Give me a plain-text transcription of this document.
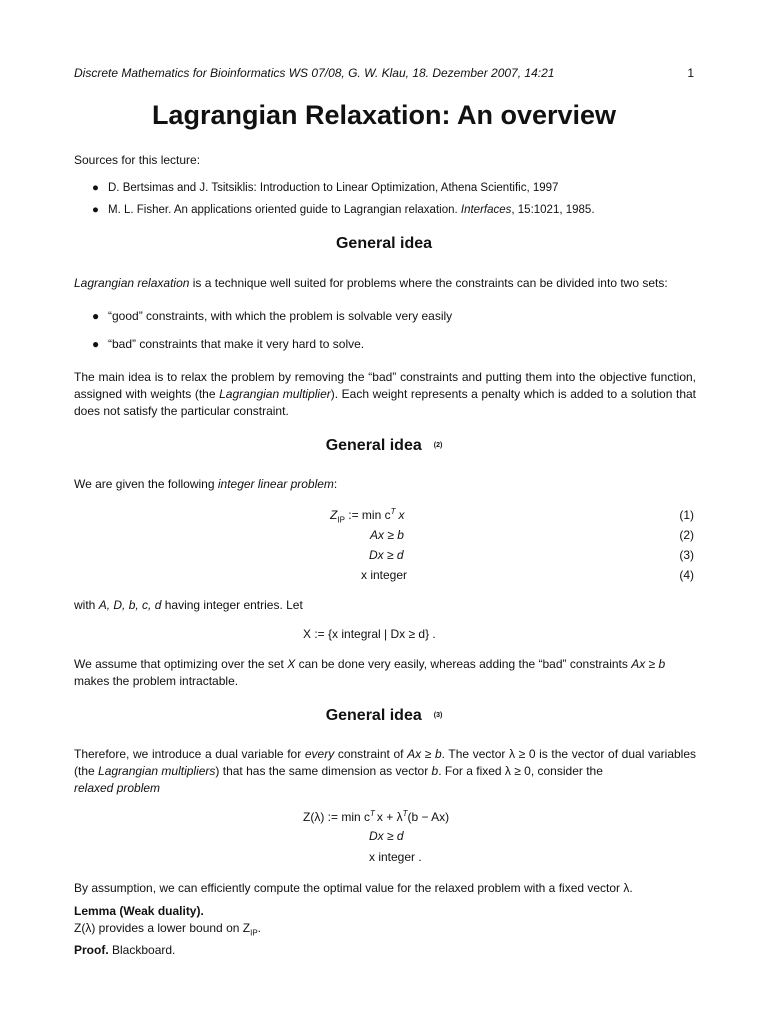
Discrete Mathematics for Bioinformatics WS 07/08, G. W. Klau, 18. Dezember 2007, 14:21	1
Lagrangian Relaxation: An overview
Sources for this lecture:
● D. Bertsimas and J. Tsitsiklis: Introduction to Linear Optimization, Athena Scientific, 1997
● M. L. Fisher. An applications oriented guide to Lagrangian relaxation. Interfaces, 15:1021, 1985.
General idea
Lagrangian relaxation is a technique well suited for problems where the constraints can be divided into two sets:
● “good” constraints, with which the problem is solvable very easily
● “bad” constraints that make it very hard to solve.
The main idea is to relax the problem by removing the “bad” constraints and putting them into the objective function, assigned with weights (the Lagrangian multiplier). Each weight represents a penalty which is added to a solution that does not satisfy the particular constraint.
General idea (2)
We are given the following integer linear problem:
$Z_{IP}$ := $\min c^T$ x	(1)
Ax ≥ b	(2)
Dx ≥ d	(3)
x integer	(4)
with A, D, b, c, d having integer entries. Let
X := {x integral | Dx ≥ d} .
We assume that optimizing over the set X can be done very easily, whereas adding the “bad” constraints Ax ≥ b
makes the problem intractable.
General idea (3)
Therefore, we introduce a dual variable for every constraint of Ax ≥ b. The vector λ ≥ 0 is the vector of dual variables (the Lagrangian multipliers) that has the same dimension as vector b. For a fixed λ ≥ 0, consider the
relaxed problem
Z(λ) := $\min c^T$ $x + \lambda^T(b - Ax)$
Dx ≥ d
x integer .
By assumption, we can efficiently compute the optimal value for the relaxed problem with a fixed vector λ.
Lemma (Weak duality).
Z(λ) provides a lower bound on $Z_{IP}$.
Proof. Blackboard.
